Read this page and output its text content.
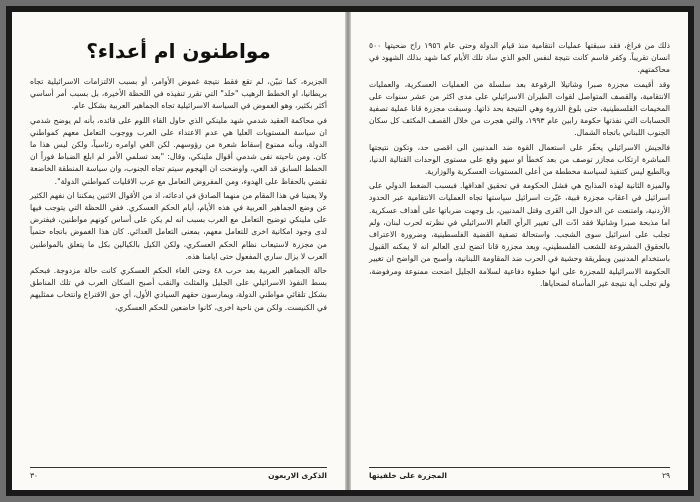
مواطنون ام أعداء؟

الجزيرة، كما تبيّن، لم تقع فقط نتيجة غموض الأوامر، أو بسبب الالتزامات الاسرائيلية تجاه بريطانيا، او الخطط الرهيب "خلد" التي تقرر تنفيذه في اللحظة الأخيرة، بل بسبب أمر أساسي أكثر بكثير، وهو الغموض في السياسة الاسرائيلية تجاه الجماهير العربية بشكل عام.

في محاكمة العقيد شدمي شهد ملينكي الذي حاول القاء اللوم على قائده، بأنه لم يوضح شدمي ان سياسة المستويات العليا هي عدم الاعتداء على العرب ووجوب التعامل معهم كمواطني الدولة، وبأنه ممنوع إسقاط شعرة من رؤوسهم. لكن الغي اوامره رئاسياً، ولكن ليس هذا ما كان. ومن ناحيته نفى شدمي أقوال ملينكي، وقال: "بعد تسلمي الأمر لم ابلغ الضباط فوراً ان الخطط السابق قد الغي، واوضحت ان الهجوم سيتم تجاه الجنوب، وان سياسة المنطقة الخاضعة تقضي بالحفاظ على الهدوء، ومن المفروض التعامل مع عرب الاقليات كمواطني الدولة".

ولا يعنينا في هذا المقام من منهما الصادق في ادعائه، اذ من الأقوال الاثنين يمكننا ان نفهم الكثير عن وضع الجماهير العربية في هذه الأيام، أيام الحكم العسكري. ففي اللحظة التي يتوجب فيها على ملينكي توضيح التعامل مع العرب بسبب انه لم يكن على أساس كونهم مواطنين، فيفترض لدى وجود امكانية اخرى للتعامل معهم، بمعنى التعامل العدائي. كان هذا الغموض باتجاه حتمياً من مجزرة لاستيعاب نظام الحكم العسكري، ولكن الكيل بالكيالين بكل ما يتعلق بالمواطنين العرب لا يزال ساري المفعول حتى ايامنا هذه.

حالة الجماهير العربية بعد حرب ٤٨ وحتى الغاء الحكم العسكري كانت حالة مزدوجة. فبحكم بسط النفوذ الاسرائيلي على الجليل والمثلث والنقب أصبح السكان العرب في تلك المناطق بشكل تلقائي مواطني الدولة، ويمارسون حقهم السيادي الأول، أي حق الاقتراع وانتخاب ممثليهم في الكنيست. ولكن من ناحية اخرى، كانوا خاضعين للحكم العسكري،

٣٠	الذكرى الاربعون

ذلك من فراغ، فقد سبقتها عمليات انتقامية منذ قيام الدولة وحتى عام ١٩٥٦ راح ضحيتها ٥٠٠ انسان تقريباً. وكفر قاسم كانت نتيجة لنفس الجو الذي ساد تلك الأيام كما شهد بذلك الشهود في محاكمتهم.

وقد أقيمت مجزرة صبرا وشاتيلا الرقوعة بعد سلسلة من العمليات العسكرية، والعمليات الانتقامية، والقصف المتواصل لقوات الطيران الاسرائيلي على مدى اكثر من عشر سنوات على المخيمات الفلسطينية، حتى بلوغ الذروة وهي النتيجة بحد ذاتها. وسبقت مجزرة قانا عملية تصفية الحسابات التي نفذتها حكومة رابين عام ١٩٩٣، والتي هجرت من خلال القصف المكثف كل سكان الجنوب اللبناني باتجاه الشمال.

فالجيش الاسرائيلي يحفّز على استعمال القوة ضد المدنيين الى اقصى حد، وتكون نتيجتها المباشرة ارتكاب مجازر توصف من بعد كخطأ او سهو وقع على مستوى الوحدات القتالية الدنيا، وبالطبع ليس كتنفيذ لسياسة مخططة من أعلى المستويات العسكرية والوزارية.

والميزة الثانية لهذه المذابح هي فشل الحكومة في تحقيق اهدافها. فبسبب الضغط الدولي على اسرائيل في اعقاب مجزرة قبية، غيّرت اسرائيل سياستها تجاه العمليات الانتقامية عبر الحدود الأردنية، وامتنعت عن الدخول الى القرى وقتل المدنيين، بل وجهت ضرباتها على أهداف عسكرية. اما مذبحة صبرا وشاتيلا فقد ادّت الى تغيير الرأي العام الاسرائيلي في نظرته لحرب لبنان، ولم تجلب على اسرائيل سوى الشجب. واستحالة تصفية القضية الفلسطينية، وضرورة الاعتراف بالحقوق المشروعة للشعب الفلسطيني، وبعد مجزرة قانا اتضح لدى العالم انه لا يمكنه القبول باستخدام المدنيين وبطريقة وحشية في الحرب ضد المقاومة اللبنانية، وأصبح من الواضح ان تغيير الحكومة الاسرائيلية للمجزرة على انها خطوة دفاعية لسلامة الجليل اضحت ممنوعة ومرفوضة، ولم تجلب أية نتيجة غير المأساة لضحاياها.

المجزرة على خلفيتها	٢٩
